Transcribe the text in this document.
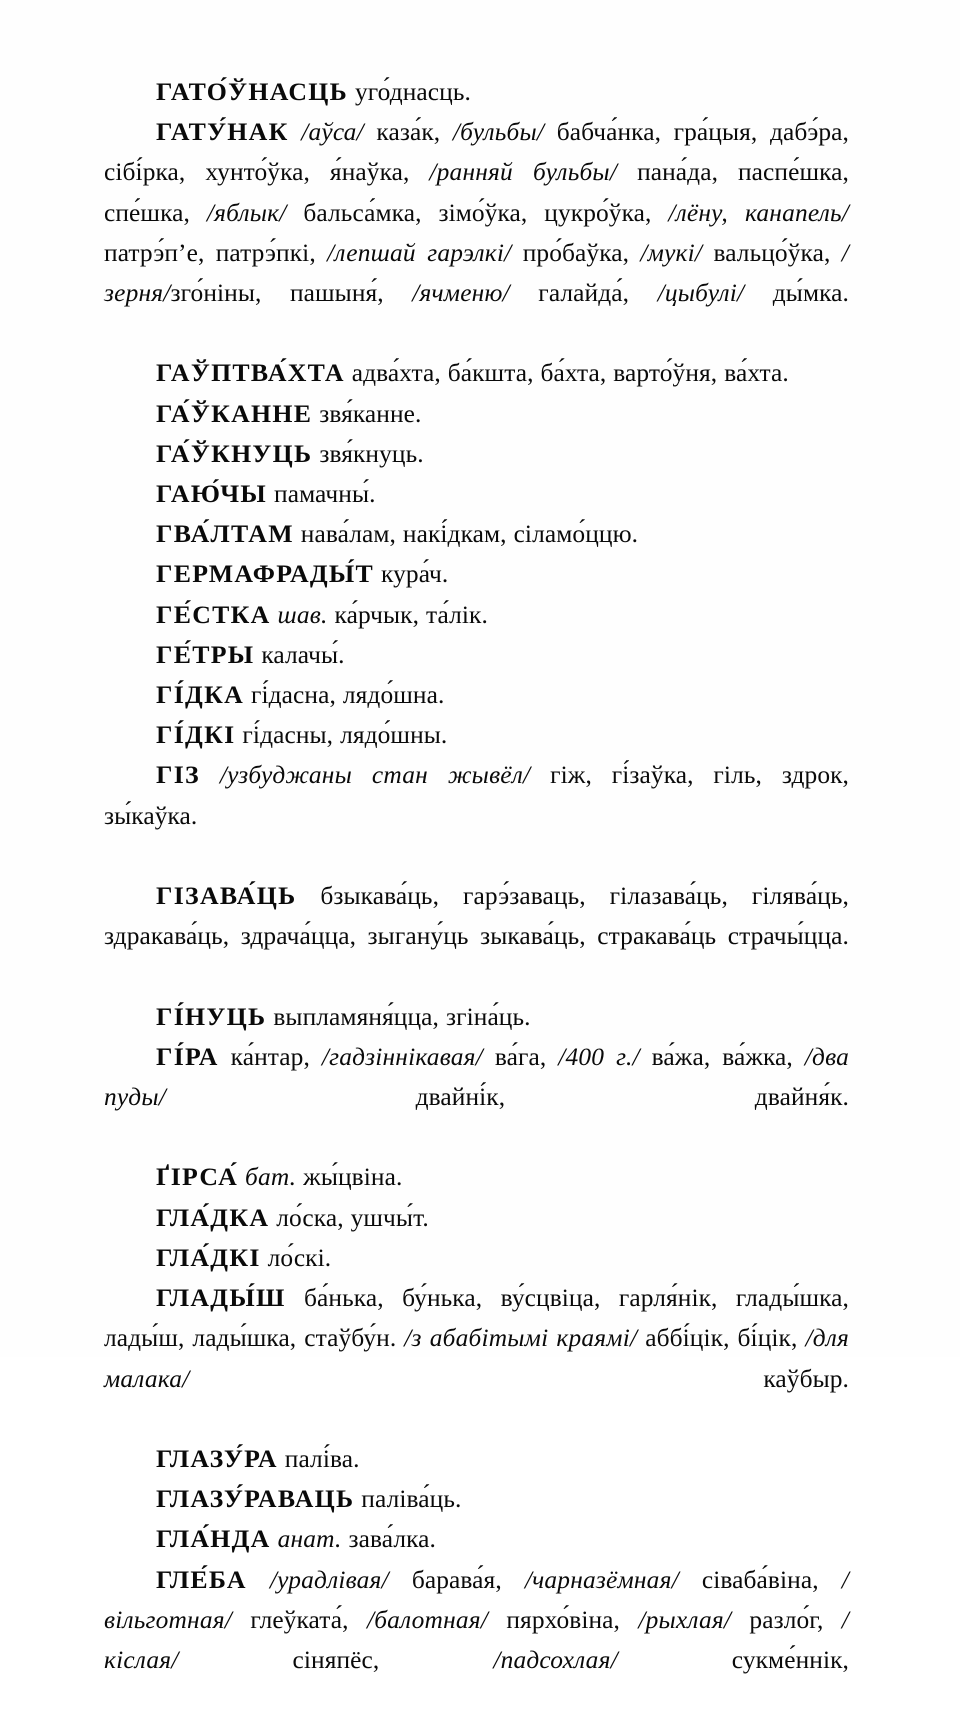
ГАТО́ЎНАСЦЬ уго́днасць.

ГАТУ́НАК /аўса/ каза́к, /бульбы/ бабча́нка, гра́цыя, дабэ́ра, сібі́рка, хунто́ўка, я́наўка, /ранняй бульбы/ пана́да, паспе́шка, спе́шка, /яблык/ бальса́мка, зімо́ўка, цукро́ўка, /лёну, канапель/ патрэ́п’е, патрэ́пкі, /лепшай гарэлкі/ про́баўка, /мукі/ вальцо́ўка, /зерня/зго́ніны, пашыня́, /ячменю/ галайда́, /цыбулі/ ды́мка.

ГАЎПТВА́ХТА адва́хта, ба́кшта, ба́хта, варто́ўня, ва́хта.

ГА́ЎКАННЕ звя́канне.

ГА́ЎКНУЦЬ звя́кнуць.

ГАЮ́ЧЫ памачны́.

ГВА́ЛТАМ нава́лам, накі́дкам, сіламо́ццю.

ГЕРМАФРАДЫ́Т кура́ч.

ГЕ́СТКА шав. ка́рчык, та́лік.

ГЕ́ТРЫ калачы́.

ГІ́ДКА гі́дасна, лядо́шна.

ГІ́ДКІ гі́дасны, лядо́шны.

ГІЗ /узбуджаны стан жывёл/ гіж, гі́заўка, гіль, здрок, зы́каўка.

ГІЗАВА́ЦЬ бзыкава́ць, гарэ́заваць, гілазава́ць, гілява́ць, здракава́ць, здрача́цца, зыгану́ць зыкава́ць, стракава́ць страчы́цца.

ГІ́НУЦЬ выпламяня́цца, згіна́ць.

ГІ́РА ка́нтар, /гадзіннікавая/ ва́га, /400 г./ ва́жа, ва́жка, /два пуды/ двайні́к, двайня́к.

ҐІРСА́ бат. жы́цвіна.

ГЛА́ДКА ло́ска, ушчы́т.

ГЛА́ДКІ ло́скі.

ГЛАДЫ́Ш ба́нька, бу́нька, ву́сцвіца, гарля́нік, глады́шка, лады́ш, лады́шка, стаўбу́н. /з абабітымі краямі/ аббі́цік, бі́цік, /для малака/ каўбыр.

ГЛАЗУ́РА палі́ва.

ГЛАЗУ́РАВАЦЬ паліва́ць.

ГЛА́НДА анат. зава́лка.

ГЛЕ́БА /урадлівая/ барава́я, /чарназёмная/ сіваба́віна, /вільготная/ глеўката́, /балотная/ пярхо́віна, /рыхлая/ разло́г, /кіслая/ сіняпёс, /падсохлая/ сукме́ннік,
